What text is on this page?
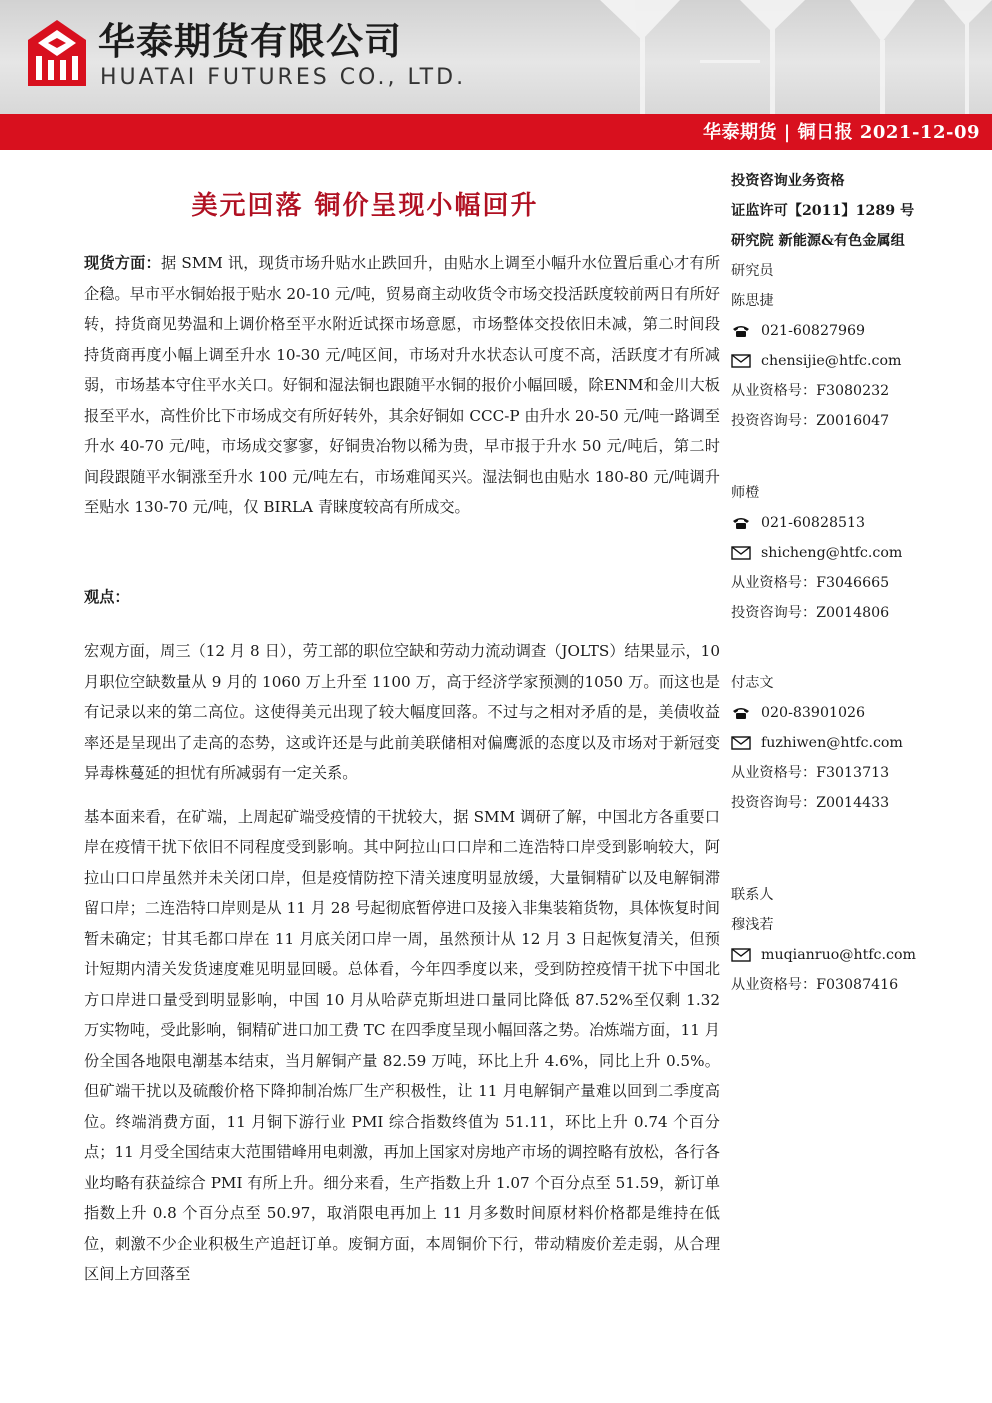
华泰期货有限公司

HUATAI FUTURES CO., LTD.

华泰期货 | 铜日报 2021-12-09

美元回落 铜价呈现小幅回升

现货方面：据 SMM 讯，现货市场升贴水止跌回升，由贴水上调至小幅升水位置后重心才有所企稳。早市平水铜始报于贴水 20-10 元/吨，贸易商主动收货令市场交投活跃度较前两日有所好转，持货商见势温和上调价格至平水附近试探市场意愿，市场整体交投依旧未减，第二时间段持货商再度小幅上调至升水 10-30 元/吨区间，市场对升水状态认可度不高，活跃度才有所减弱，市场基本守住平水关口。好铜和湿法铜也跟随平水铜的报价小幅回暖，除ENM和金川大板报至平水，高性价比下市场成交有所好转外，其余好铜如 CCC-P 由升水 20-50 元/吨一路调至升水 40-70 元/吨，市场成交寥寥，好铜贵冶物以稀为贵，早市报于升水 50 元/吨后，第二时间段跟随平水铜涨至升水 100 元/吨左右，市场难闻买兴。湿法铜也由贴水 180-80 元/吨调升至贴水 130-70 元/吨，仅 BIRLA 青睐度较高有所成交。

观点：

宏观方面，周三（12 月 8 日），劳工部的职位空缺和劳动力流动调查（JOLTS）结果显示，10 月职位空缺数量从 9 月的 1060 万上升至 1100 万，高于经济学家预测的1050 万。而这也是有记录以来的第二高位。这使得美元出现了较大幅度回落。不过与之相对矛盾的是，美债收益率还是呈现出了走高的态势，这或许还是与此前美联储相对偏鹰派的态度以及市场对于新冠变异毒株蔓延的担忧有所减弱有一定关系。

基本面来看，在矿端，上周起矿端受疫情的干扰较大，据 SMM 调研了解，中国北方各重要口岸在疫情干扰下依旧不同程度受到影响。其中阿拉山口口岸和二连浩特口岸受到影响较大，阿拉山口口岸虽然并未关闭口岸，但是疫情防控下清关速度明显放缓，大量铜精矿以及电解铜滞留口岸；二连浩特口岸则是从 11 月 28 号起彻底暂停进口及接入非集装箱货物，具体恢复时间暂未确定；甘其毛都口岸在 11 月底关闭口岸一周，虽然预计从 12 月 3 日起恢复清关，但预计短期内清关发货速度难见明显回暖。总体看，今年四季度以来，受到防控疫情干扰下中国北方口岸进口量受到明显影响，中国 10 月从哈萨克斯坦进口量同比降低 87.52%至仅剩 1.32 万实物吨，受此影响，铜精矿进口加工费 TC 在四季度呈现小幅回落之势。冶炼端方面，11 月份全国各地限电潮基本结束，当月解铜产量 82.59 万吨，环比上升 4.6%，同比上升 0.5%。但矿端干扰以及硫酸价格下降抑制冶炼厂生产积极性，让 11 月电解铜产量难以回到二季度高位。终端消费方面，11 月铜下游行业 PMI 综合指数终值为 51.11，环比上升 0.74 个百分点；11 月受全国结束大范围错峰用电刺激，再加上国家对房地产市场的调控略有放松，各行各业均略有获益综合 PMI 有所上升。细分来看，生产指数上升 1.07 个百分点至 51.59，新订单指数上升 0.8 个百分点至 50.97，取消限电再加上 11 月多数时间原材料价格都是维持在低位，刺激不少企业积极生产追赶订单。废铜方面，本周铜价下行，带动精废价差走弱，从合理区间上方回落至

投资咨询业务资格
证监许可【2011】1289 号
研究院 新能源&有色金属组
研究员
陈思捷
021-60827969
chensijie@htfc.com
从业资格号：F3080232
投资咨询号：Z0016047
师橙
021-60828513
shicheng@htfc.com
从业资格号：F3046665
投资咨询号：Z0014806
付志文
020-83901026
fuzhiwen@htfc.com
从业资格号：F3013713
投资咨询号：Z0014433
联系人
穆浅若
muqianruo@htfc.com
从业资格号：F03087416
